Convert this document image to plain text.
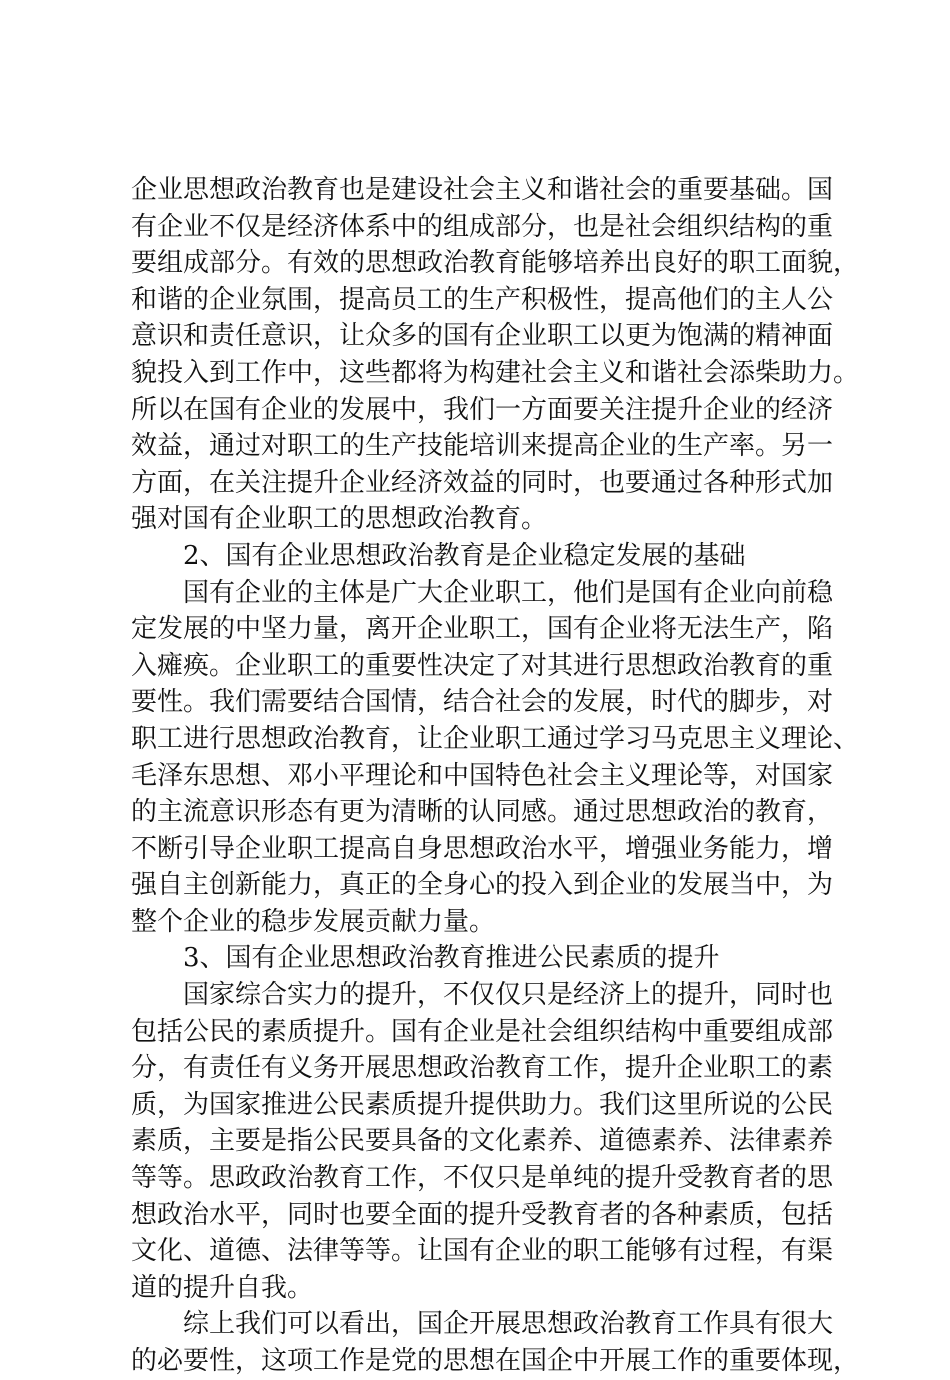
企业思想政治教育也是建设社会主义和谐社会的重要基础。国
有企业不仅是经济体系中的组成部分，也是社会组织结构的重
要组成部分。有效的思想政治教育能够培养出良好的职工面貌，
和谐的企业氛围，提高员工的生产积极性，提高他们的主人公
意识和责任意识，让众多的国有企业职工以更为饱满的精神面
貌投入到工作中，这些都将为构建社会主义和谐社会添柴助力。
所以在国有企业的发展中，我们一方面要关注提升企业的经济
效益，通过对职工的生产技能培训来提高企业的生产率。另一
方面，在关注提升企业经济效益的同时，也要通过各种形式加
强对国有企业职工的思想政治教育。
2、国有企业思想政治教育是企业稳定发展的基础
国有企业的主体是广大企业职工，他们是国有企业向前稳
定发展的中坚力量，离开企业职工，国有企业将无法生产，陷
入瘫痪。企业职工的重要性决定了对其进行思想政治教育的重
要性。我们需要结合国情，结合社会的发展，时代的脚步，对
职工进行思想政治教育，让企业职工通过学习马克思主义理论、
毛泽东思想、邓小平理论和中国特色社会主义理论等，对国家
的主流意识形态有更为清晰的认同感。通过思想政治的教育，
不断引导企业职工提高自身思想政治水平，增强业务能力，增
强自主创新能力，真正的全身心的投入到企业的发展当中，为
整个企业的稳步发展贡献力量。
3、国有企业思想政治教育推进公民素质的提升
国家综合实力的提升，不仅仅只是经济上的提升，同时也
包括公民的素质提升。国有企业是社会组织结构中重要组成部
分，有责任有义务开展思想政治教育工作，提升企业职工的素
质，为国家推进公民素质提升提供助力。我们这里所说的公民
素质，主要是指公民要具备的文化素养、道德素养、法律素养
等等。思政政治教育工作，不仅只是单纯的提升受教育者的思
想政治水平，同时也要全面的提升受教育者的各种素质，包括
文化、道德、法律等等。让国有企业的职工能够有过程，有渠
道的提升自我。
综上我们可以看出，国企开展思想政治教育工作具有很大
的必要性，这项工作是党的思想在国企中开展工作的重要体现，
